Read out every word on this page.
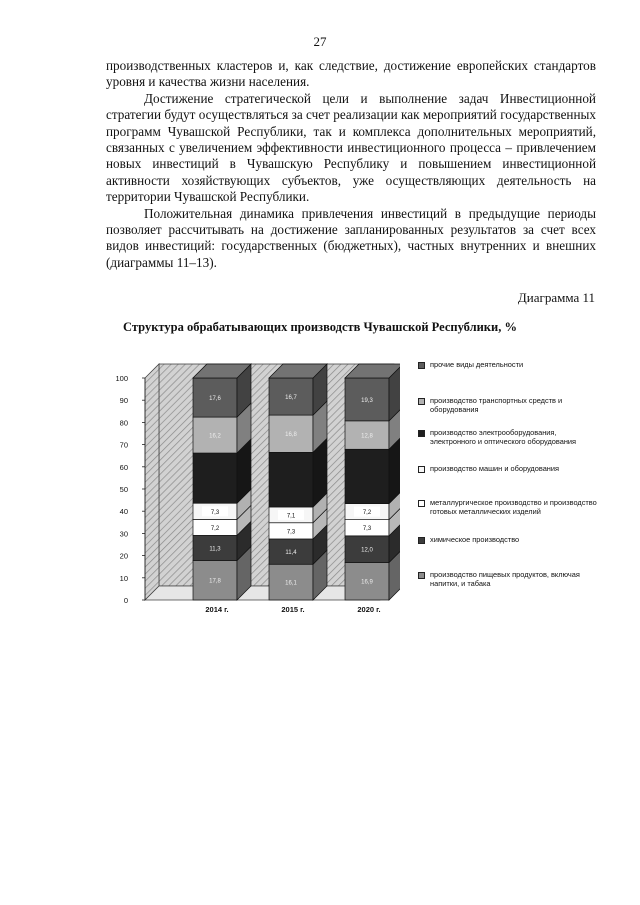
27

производственных кластеров и, как следствие, достижение европейских стандартов уровня и качества жизни населения.

Достижение стратегической цели и выполнение задач Инвестиционной стратегии будут осуществляться за счет реализации как мероприятий государственных программ Чувашской Республики, так и комплекса дополнительных мероприятий, связанных с увеличением эффективности инвестиционного процесса – привлечением новых инвестиций в Чувашскую Республику и повышением инвестиционной активности хозяйствующих субъектов, уже осуществляющих деятельность на территории Чувашской Республики.

Положительная динамика привлечения инвестиций в предыдущие периоды позволяет рассчитывать на достижение запланированных результатов за счет всех видов инвестиций: государственных (бюджетных), частных внутренних и внешних (диаграммы 11–13).

Диаграмма 11
Структура обрабатывающих производств Чувашской Республики, %
0
10
20
30
40
50
60
70
80
90
100
17,8
11,3
7,2
7,3
16,2
17,6
16,1
11,4
7,3
7,1
16,8
16,7
16,9
12,0
7,3
7,2
12,8
19,3
2014 г.	2015 г.	2020 г.
прочие виды деятельности
производство транспортных средств и оборудования
производство электрооборудования, электронного и оптического оборудования
производство машин и оборудования
металлургическое производство и производство готовых металлических изделий
химическое производство
производство пищевых продуктов, включая напитки, и табака
